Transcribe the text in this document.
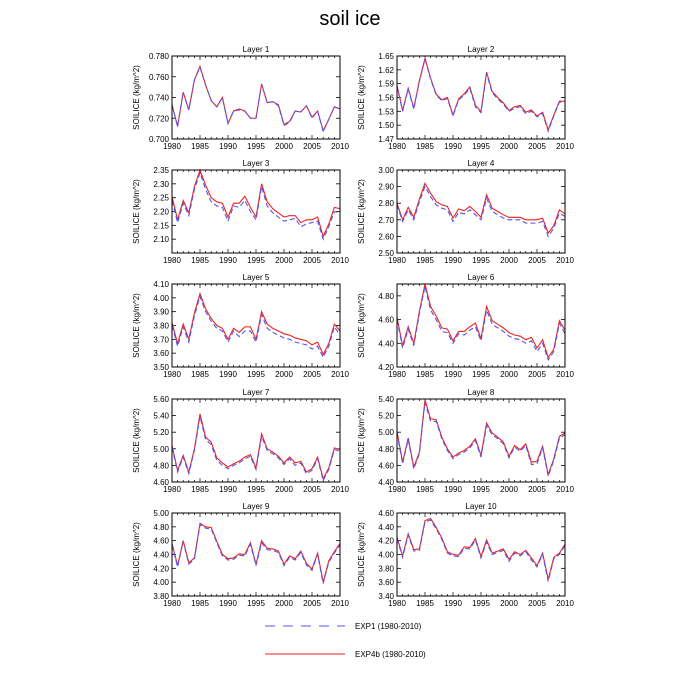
soil ice
Layer 1
0.700
0.720
0.740
0.760
0.780
1980 1985 1990 1995 2000 2005 2010
SOILICE (kg/m^2)
Layer 2
1.47
1.50
1.53
1.56
1.59
1.62
1.65
1980 1985 1990 1995 2000 2005 2010
SOILICE (kg/m^2)
Layer 3
2.10
2.15
2.20
2.25
2.30
2.35
1980 1985 1990 1995 2000 2005 2010
SOILICE (kg/m^2)
Layer 4
2.50
2.60
2.70
2.80
2.90
3.00
1980 1985 1990 1995 2000 2005 2010
SOILICE (kg/m^2)
Layer 5
3.50
3.60
3.70
3.80
3.90
4.00
4.10
1980 1985 1990 1995 2000 2005 2010
SOILICE (kg/m^2)
Layer 6
4.20
4.40
4.60
4.80
1980 1985 1990 1995 2000 2005 2010
SOILICE (kg/m^2)
Layer 7
4.60
4.80
5.00
5.20
5.40
5.60
1980 1985 1990 1995 2000 2005 2010
SOILICE (kg/m^2)
Layer 8
4.40
4.60
4.80
5.00
5.20
5.40
1980 1985 1990 1995 2000 2005 2010
SOILICE (kg/m^2)
Layer 9
3.80
4.00
4.20
4.40
4.60
4.80
5.00
1980 1985 1990 1995 2000 2005 2010
SOILICE (kg/m^2)
Layer 10
3.40
3.60
3.80
4.00
4.20
4.40
4.60
1980 1985 1990 1995 2000 2005 2010
SOILICE (kg/m^2)
EXP1 (1980-2010)
EXP4b (1980-2010)
